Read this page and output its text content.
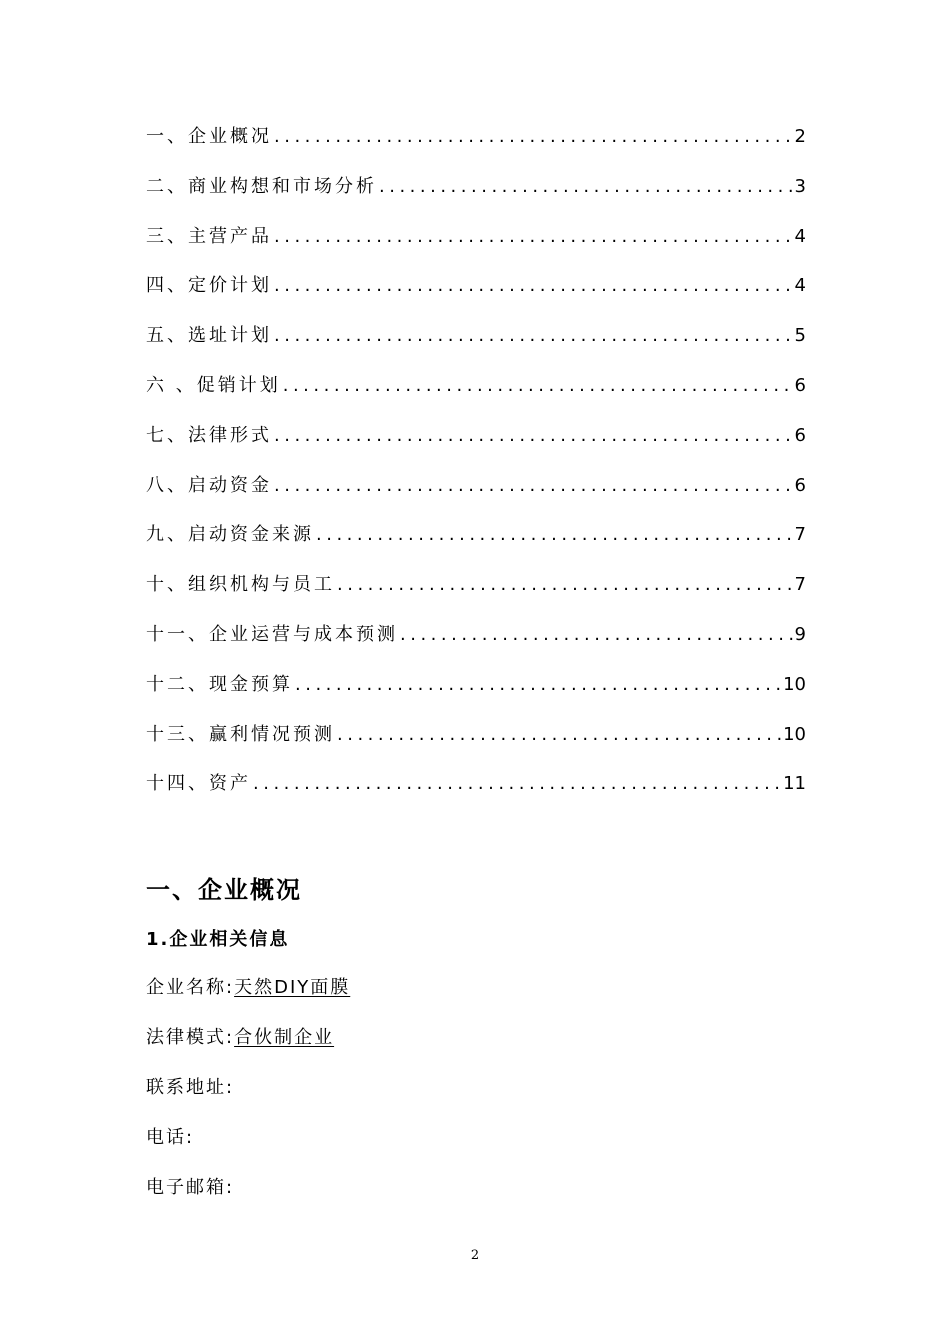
一、企业概况 .....	2
二、商业构想和市场分析 .....	3
三、主营产品 .....	4
四、定价计划 .....	4
五、选址计划 .....	5
六 、促销计划 .....	6
七、法律形式 .....	6
八、启动资金 .....	6
九、启动资金来源 .....	7
十、组织机构与员工 .....	7
十一、企业运营与成本预测 .....	9
十二、现金预算 .....	10
十三、赢利情况预测 .....	10
十四、资产 .....	11
一、企业概况
1.企业相关信息
企业名称:天然DIY面膜
法律模式:合伙制企业
联系地址:
电话:
电子邮箱:
2
